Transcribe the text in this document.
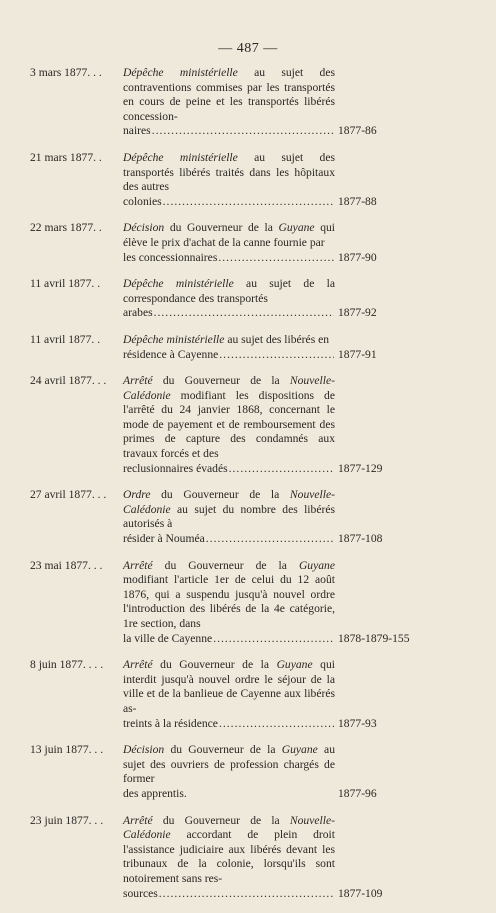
— 487 —
3 mars 1877. . .	Dépêche ministérielle au sujet des contraventions commises par les transportés en cours de peine et les transportés libérés concession-

naires .....	1877-86
21 mars 1877. .	Dépêche ministérielle au sujet des transportés libérés traités dans les hôpitaux des autres

colonies .....	1877-88
22 mars 1877. .	Décision du Gouverneur de la Guyane qui élève le prix d'achat de la canne fournie par

les concessionnaires .....	1877-90
11 avril 1877. .	Dépêche ministérielle au sujet de la correspondance des transportés

arabes .....	1877-92
11 avril 1877. .	Dépêche ministérielle au sujet des libérés en

résidence à Cayenne .....	1877-91
24 avril 1877. . .	Arrêté du Gouverneur de la Nouvelle-Calédonie modifiant les dispositions de l'arrêté du 24 janvier 1868, concernant le mode de payement et de remboursement des primes de capture des condamnés aux travaux forcés et des

reclusionnaires évadés .....	1877-129
27 avril 1877. . .	Ordre du Gouverneur de la Nouvelle-Calédonie au sujet du nombre des libérés autorisés à

résider à Nouméa .....	1877-108
23 mai 1877. . .	Arrêté du Gouverneur de la Guyane modifiant l'article 1er de celui du 12 août 1876, qui a suspendu jusqu'à nouvel ordre l'introduction des libérés de la 4e catégorie, 1re section, dans

la ville de Cayenne .....	1878-1879-155
8 juin 1877. . . .	Arrêté du Gouverneur de la Guyane qui interdit jusqu'à nouvel ordre le séjour de la ville et de la banlieue de Cayenne aux libérés as-

treints à la résidence .....	1877-93
13 juin 1877. . .	Décision du Gouverneur de la Guyane au sujet des ouvriers de profession chargés de former

des apprentis.	1877-96
23 juin 1877. . .	Arrêté du Gouverneur de la Nouvelle-Calédonie accordant de plein droit l'assistance judiciaire aux libérés devant les tribunaux de la colonie, lorsqu'ils sont notoirement sans res-

sources .....	1877-109
